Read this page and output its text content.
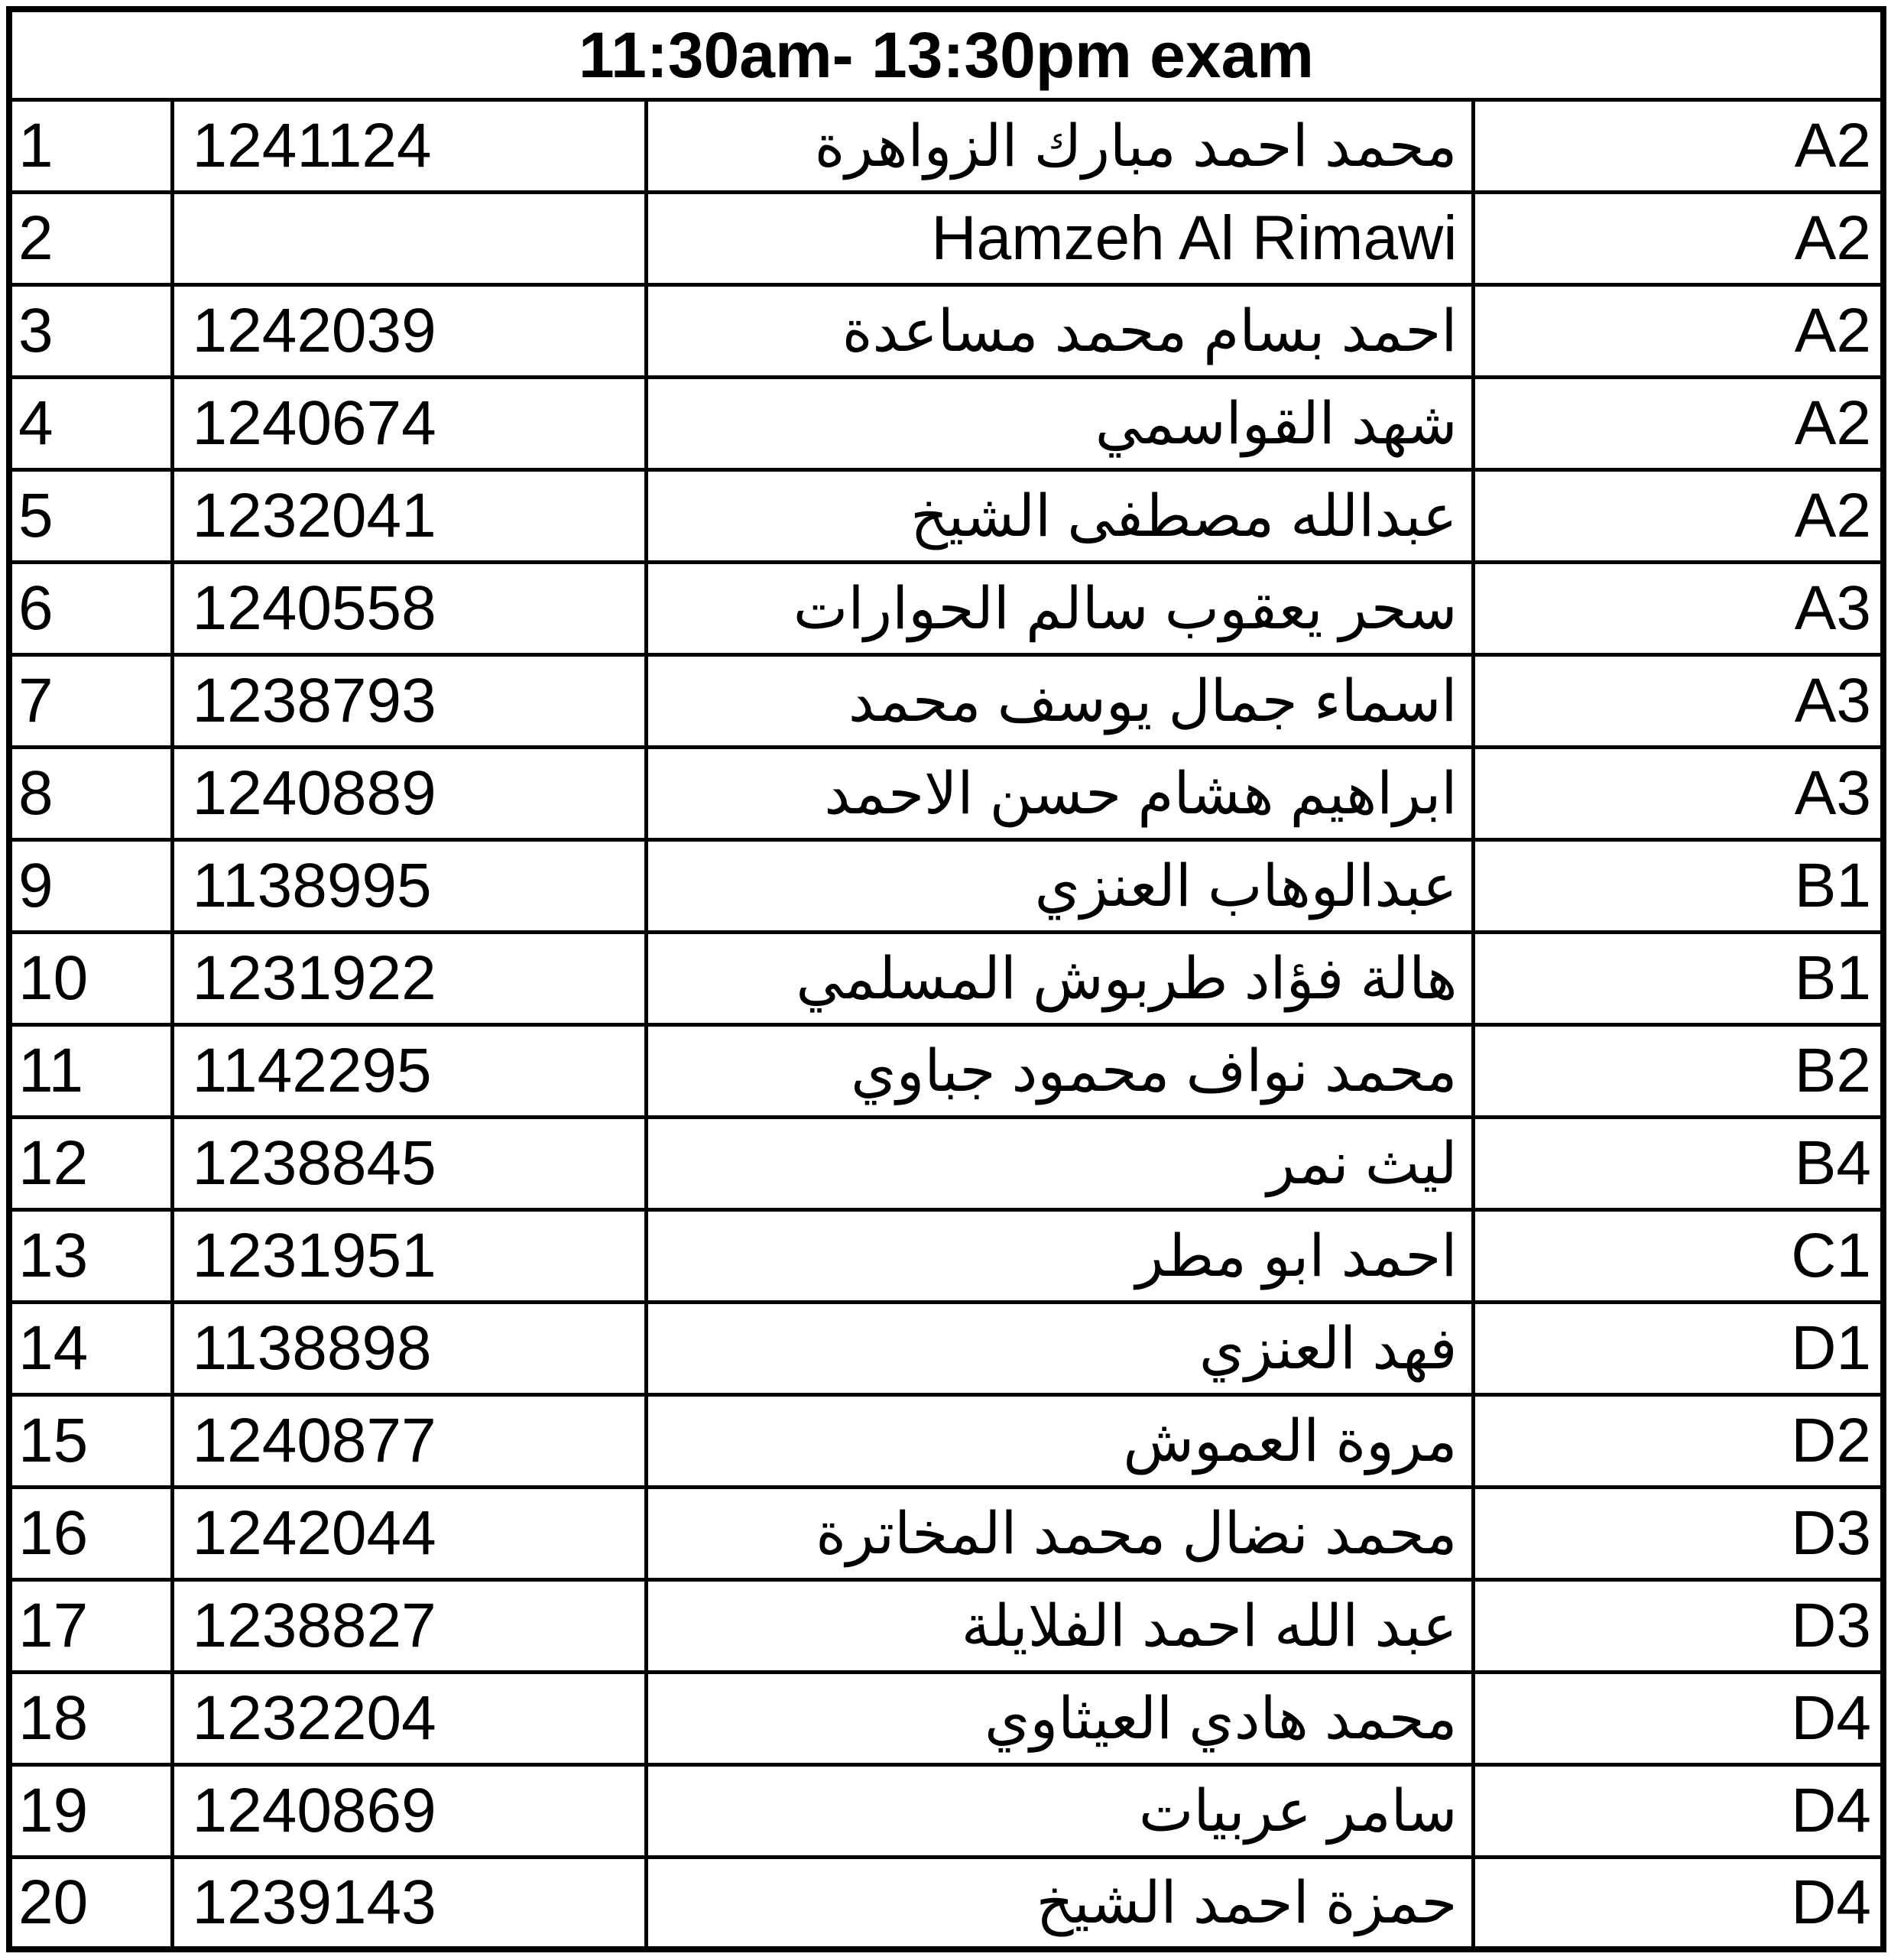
11:30am- 13:30pm exam			
1	1241124	محمد احمد مبارك الزواهرة	A2
2		Hamzeh Al Rimawi	A2
3	1242039	احمد بسام محمد مساعدة	A2
4	1240674	شهد القواسمي	A2
5	1232041	عبدالله مصطفى الشيخ	A2
6	1240558	سحر يعقوب سالم الحوارات	A3
7	1238793	اسماء جمال يوسف محمد	A3
8	1240889	ابراهيم هشام حسن الاحمد	A3
9	1138995	عبدالوهاب العنزي	B1
10	1231922	هالة فؤاد طربوش المسلمي	B1
11	1142295	محمد نواف محمود جباوي	B2
12	1238845	ليث نمر	B4
13	1231951	احمد ابو مطر	C1
14	1138898	فهد العنزي	D1
15	1240877	مروة العموش	D2
16	1242044	محمد نضال محمد المخاترة	D3
17	1238827	عبد الله احمد الفلايلة	D3
18	1232204	محمد هادي العيثاوي	D4
19	1240869	سامر عربيات	D4
20	1239143	حمزة احمد الشيخ	D4
